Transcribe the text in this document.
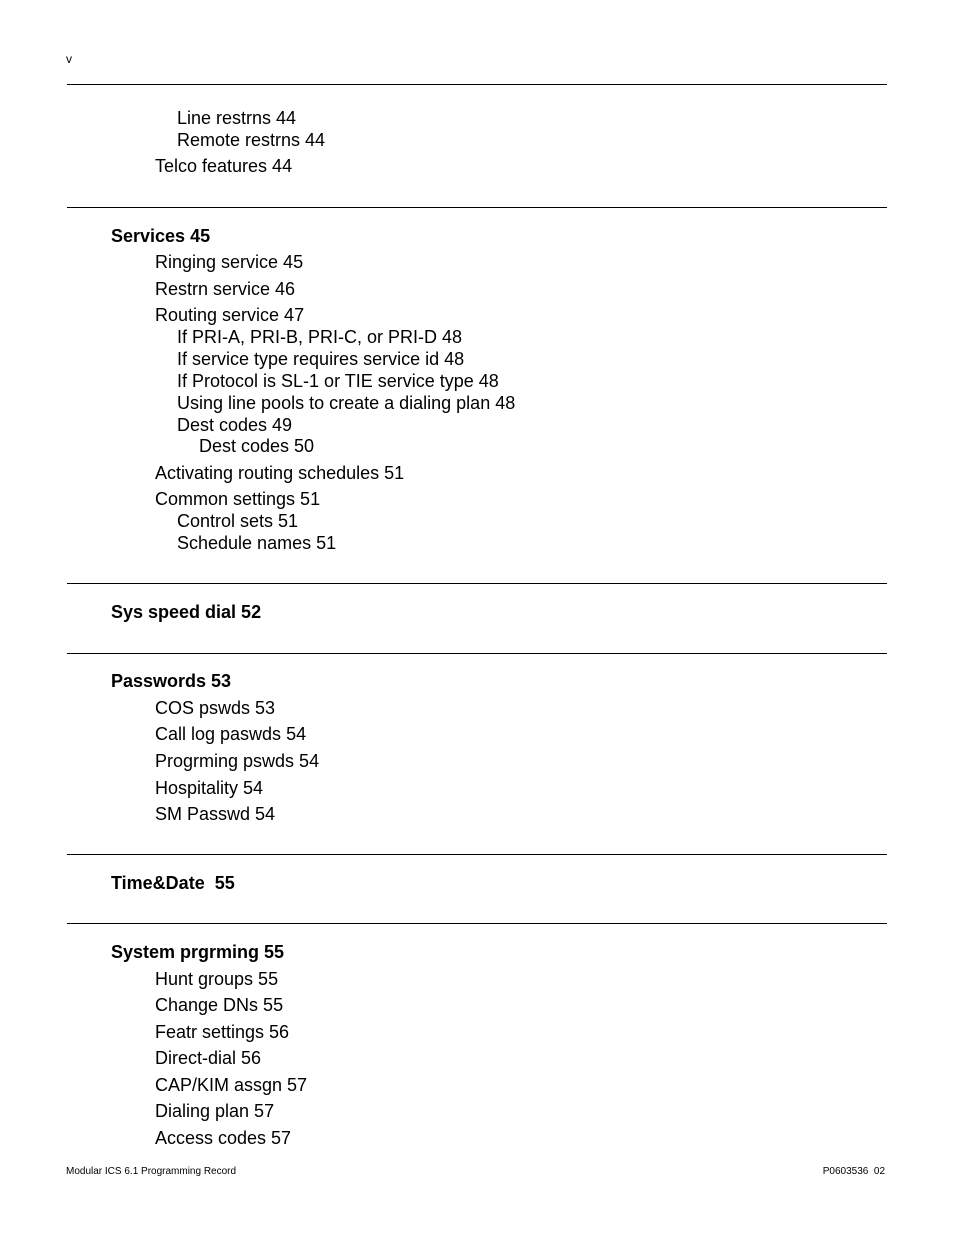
v
Line restrns 44
Remote restrns 44
Telco features 44
Services 45
Ringing service 45
Restrn service 46
Routing service 47
If PRI-A, PRI-B, PRI-C, or PRI-D 48
If service type requires service id 48
If Protocol is SL-1 or TIE service type 48
Using line pools to create a dialing plan 48
Dest codes 49
Dest codes 50
Activating routing schedules 51
Common settings 51
Control sets 51
Schedule names 51
Sys speed dial 52
Passwords 53
COS pswds 53
Call log paswds 54
Progrming pswds 54
Hospitality 54
SM Passwd 54
Time&Date  55
System prgrming 55
Hunt groups 55
Change DNs 55
Featr settings 56
Direct-dial 56
CAP/KIM assgn 57
Dialing plan 57
Access codes 57
Modular ICS 6.1 Programming Record	P0603536  02
